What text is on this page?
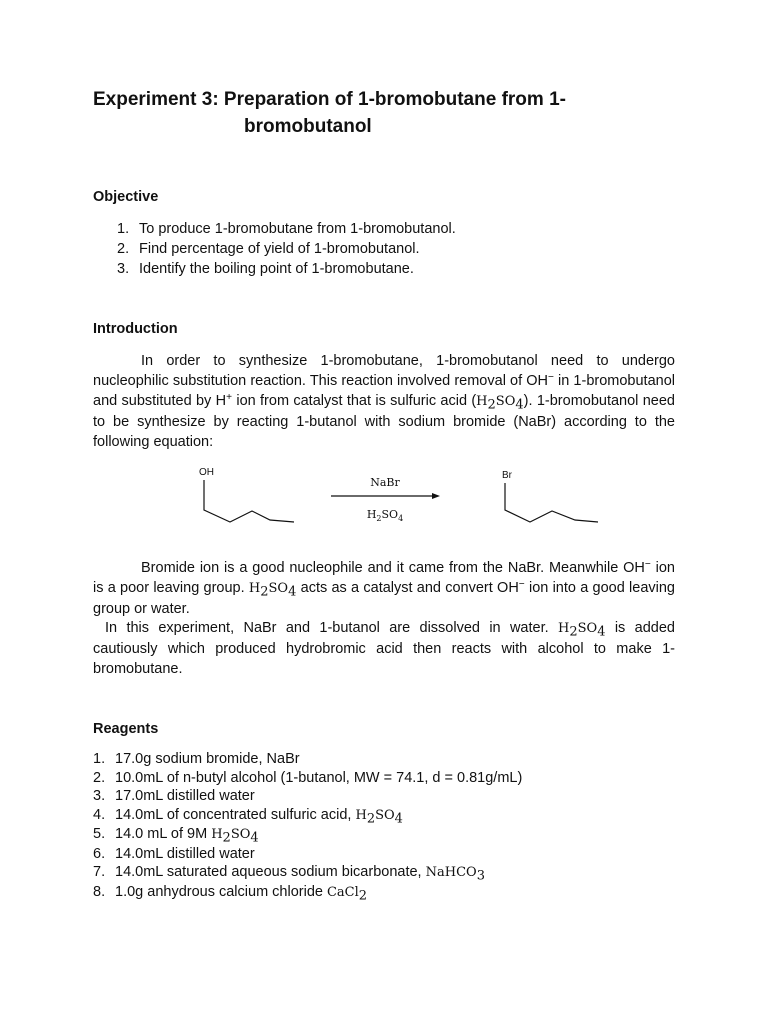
Experiment 3: Preparation of 1-bromobutane from 1-
bromobutanol
Objective
1. To produce 1-bromobutane from 1-bromobutanol.
2. Find percentage of yield of 1-bromobutanol.
3. Identify the boiling point of 1-bromobutane.
Introduction

In order to synthesize 1-bromobutane, 1-bromobutanol need to undergo nucleophilic substitution reaction. This reaction involved removal of OH− in 1-bromobutanol and substituted by H+ ion from catalyst that is sulfuric acid $(H_2SO_4)$. 1-bromobutanol need to be synthesize by reacting 1-butanol with sodium bromide (NaBr) according to the following equation:

OH
NaBr
$H_2SO_4$
Br

Bromide ion is a good nucleophile and it came from the NaBr. Meanwhile OH− ion is a poor leaving group. $H_2SO_4$ acts as a catalyst and convert OH− ion into a good leaving group or water.

In this experiment, NaBr and 1-butanol are dissolved in water. $H_2SO_4$ is added cautiously which produced hydrobromic acid then reacts with alcohol to make 1-bromobutane.

Reagents
1. 17.0g sodium bromide, NaBr
2. 10.0mL of n-butyl alcohol (1-butanol, MW = 74.1, d = 0.81g/mL)
3. 17.0mL distilled water
4. 14.0mL of concentrated sulfuric acid, $H_2SO_4$
5. 14.0 mL of 9M $H_2SO_4$
6. 14.0mL distilled water
7. 14.0mL saturated aqueous sodium bicarbonate, NaHCO$_3$
8. 1.0g anhydrous calcium chloride CaCl$_2$
